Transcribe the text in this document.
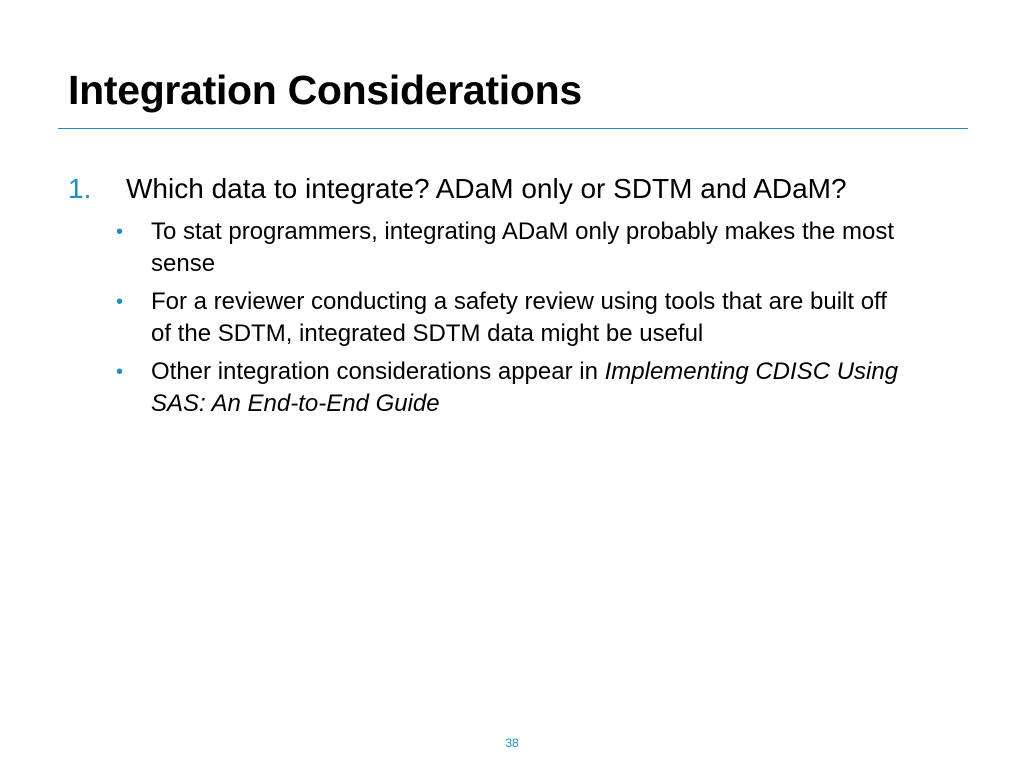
Integration Considerations
1. Which data to integrate? ADaM only or SDTM and ADaM?
• To stat programmers, integrating ADaM only probably makes the most sense
• For a reviewer conducting a safety review using tools that are built off of the SDTM, integrated SDTM data might be useful
• Other integration considerations appear in Implementing CDISC Using SAS: An End-to-End Guide
38
